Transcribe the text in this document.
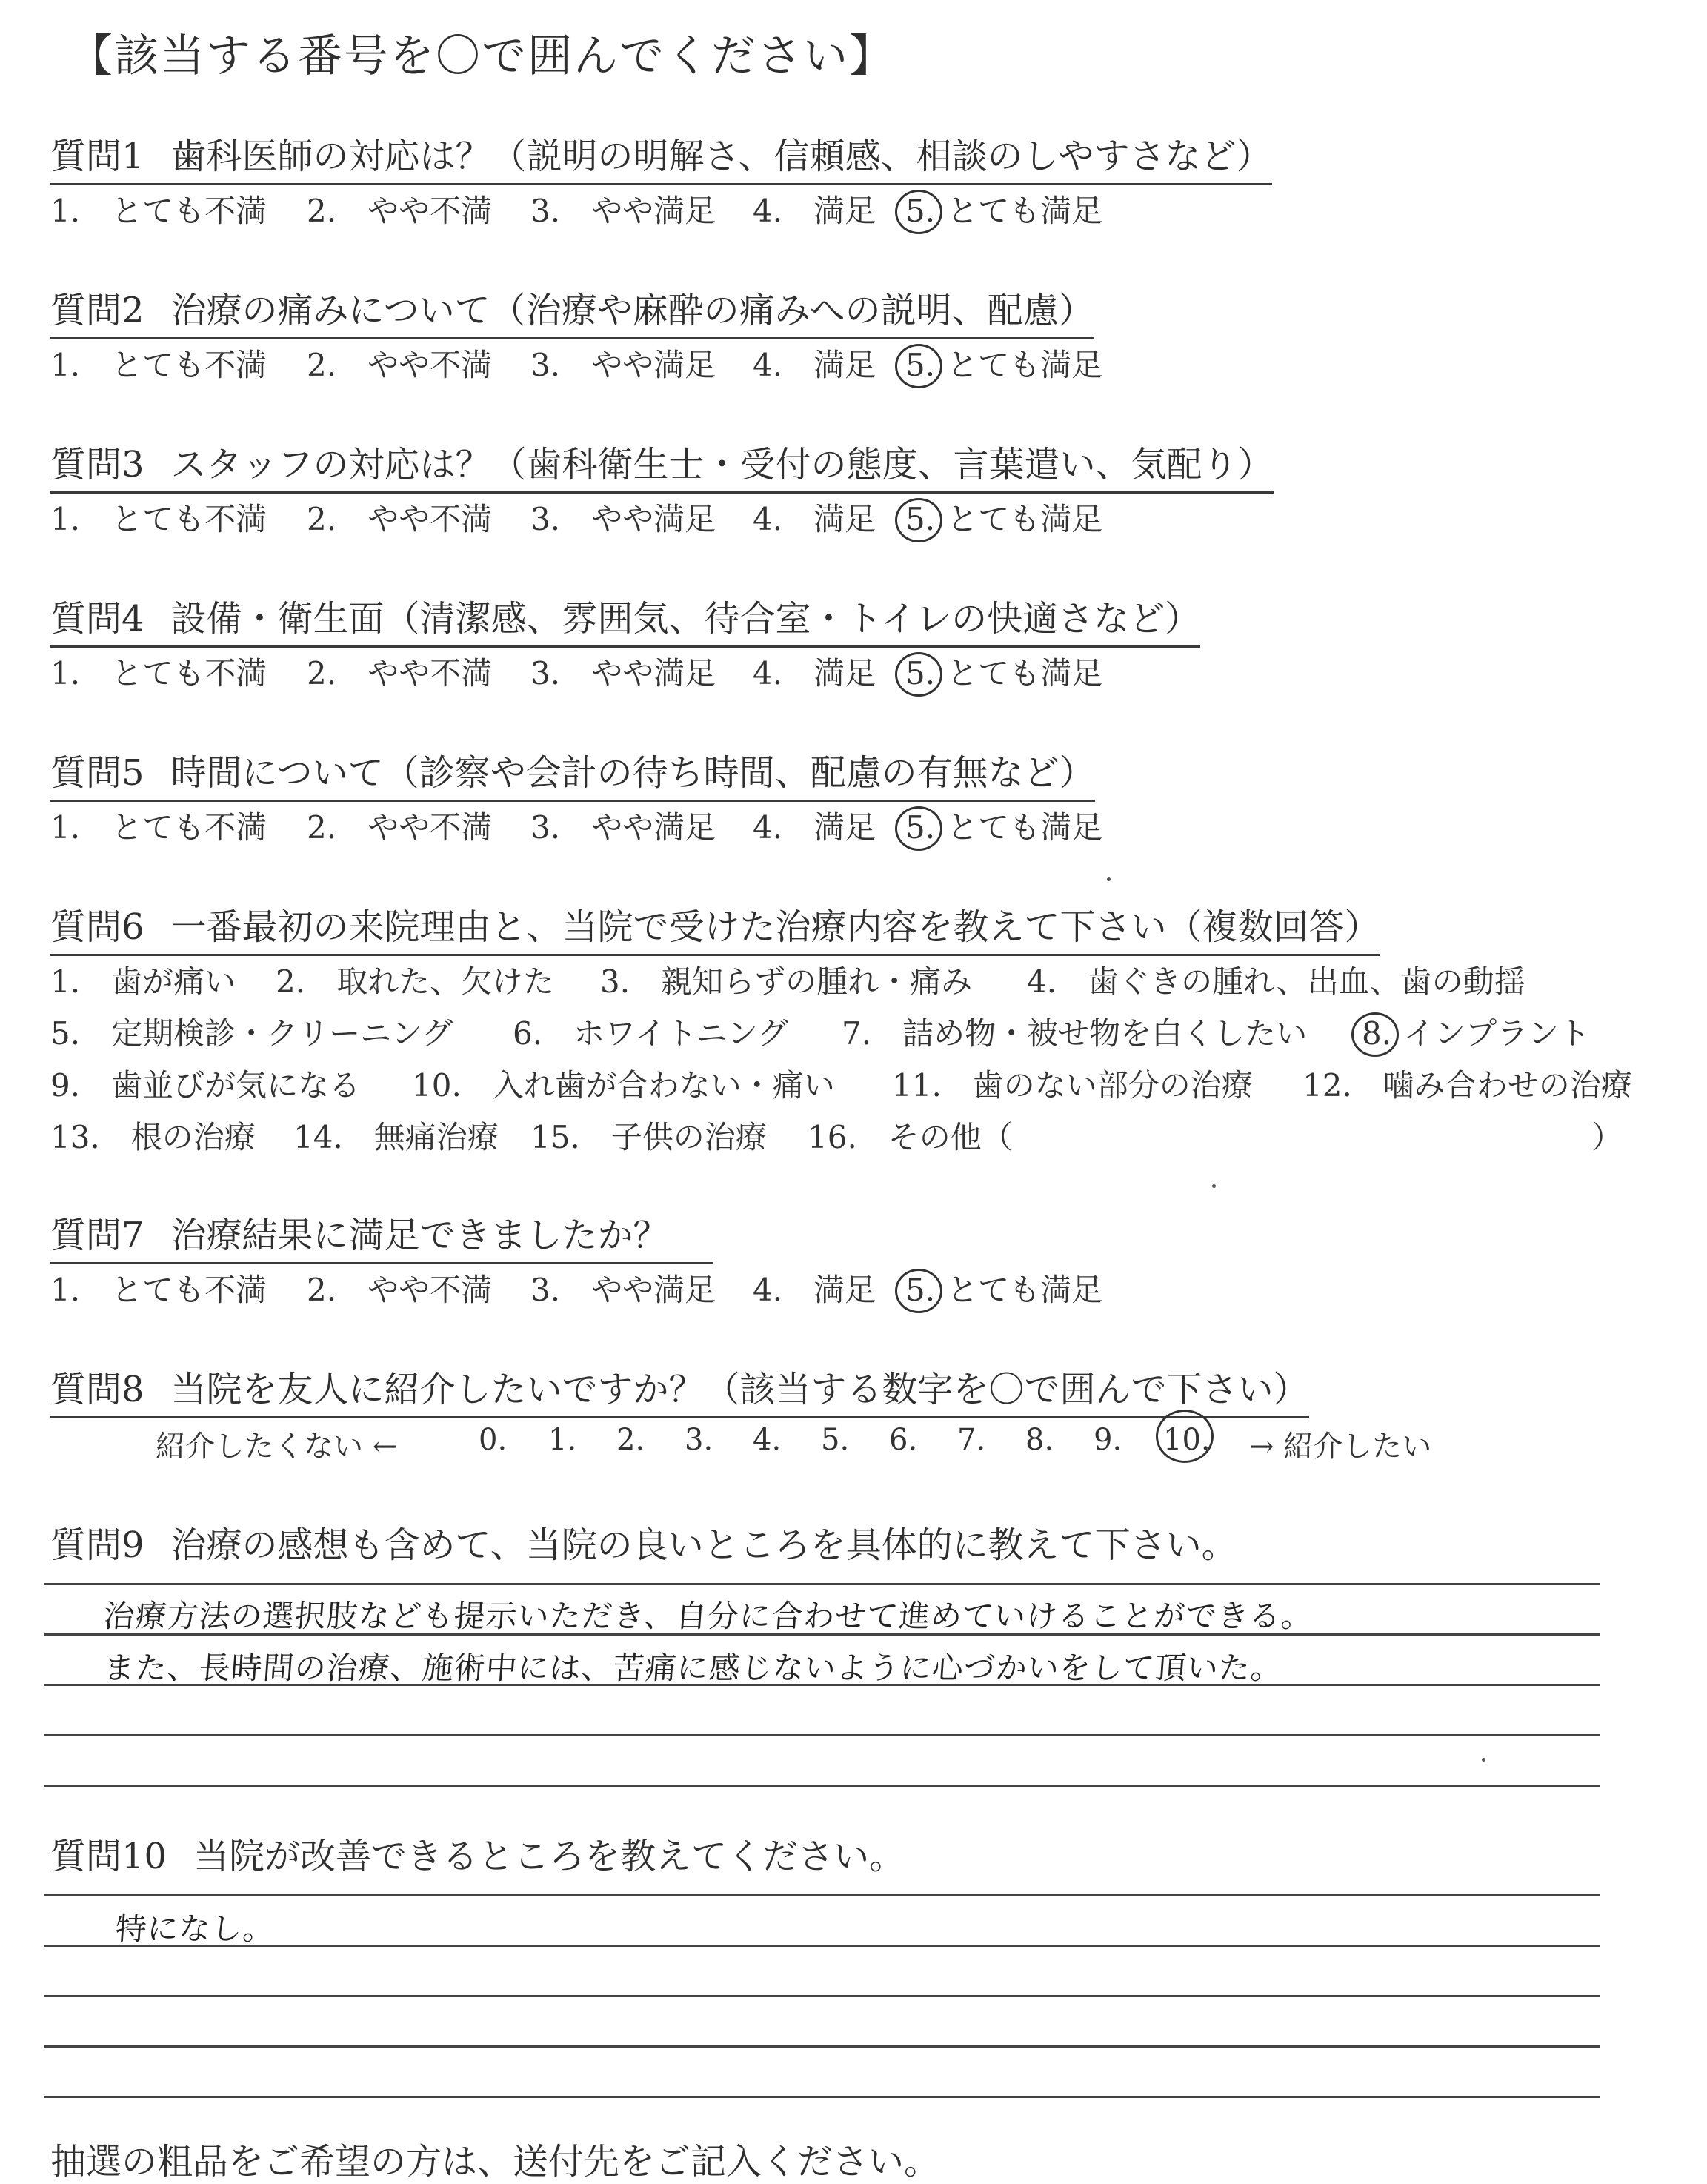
【該当する番号を〇で囲んでください】
質問1 歯科医師の対応は？（説明の明解さ、信頼感、相談のしやすさなど）
1.　とても不満 2.　やや不満 3.　やや満足 4.　満足 5. とても満足
質問2 治療の痛みについて（治療や麻酔の痛みへの説明、配慮）
1.　とても不満 2.　やや不満 3.　やや満足 4.　満足 5. とても満足
質問3 スタッフの対応は？（歯科衛生士・受付の態度、言葉遣い、気配り）
1.　とても不満 2.　やや不満 3.　やや満足 4.　満足 5. とても満足
質問4 設備・衛生面（清潔感、雰囲気、待合室・トイレの快適さなど）
1.　とても不満 2.　やや不満 3.　やや満足 4.　満足 5. とても満足
質問5 時間について（診察や会計の待ち時間、配慮の有無など）
1.　とても不満 2.　やや不満 3.　やや満足 4.　満足 5. とても満足
質問6 一番最初の来院理由と、当院で受けた治療内容を教えて下さい（複数回答）
1.　歯が痛い 2.　取れた、欠けた 3.　親知らずの腫れ・痛み 4.　歯ぐきの腫れ、出血、歯の動揺
5.　定期検診・クリーニング 6.　ホワイトニング 7.　詰め物・被せ物を白くしたい 8. インプラント
9.　歯並びが気になる 10.　入れ歯が合わない・痛い 11.　歯のない部分の治療 12.　噛み合わせの治療
13.　根の治療 14.　無痛治療 15.　子供の治療 16.　その他（	）
質問7 治療結果に満足できましたか？
1.　とても不満 2.　やや不満 3.　やや満足 4.　満足 5. とても満足
質問8 当院を友人に紹介したいですか？（該当する数字を〇で囲んで下さい）
紹介したくない ←	0. 1. 2. 3. 4. 5. 6. 7. 8. 9. 10. → 紹介したい
質問9 治療の感想も含めて、当院の良いところを具体的に教えて下さい。
治療方法の選択肢なども提示いただき、自分に合わせて進めていけることができる。
また、長時間の治療、施術中には、苦痛に感じないように心づかいをして頂いた。
質問10 当院が改善できるところを教えてください。
特になし。
抽選の粗品をご希望の方は、送付先をご記入ください。
